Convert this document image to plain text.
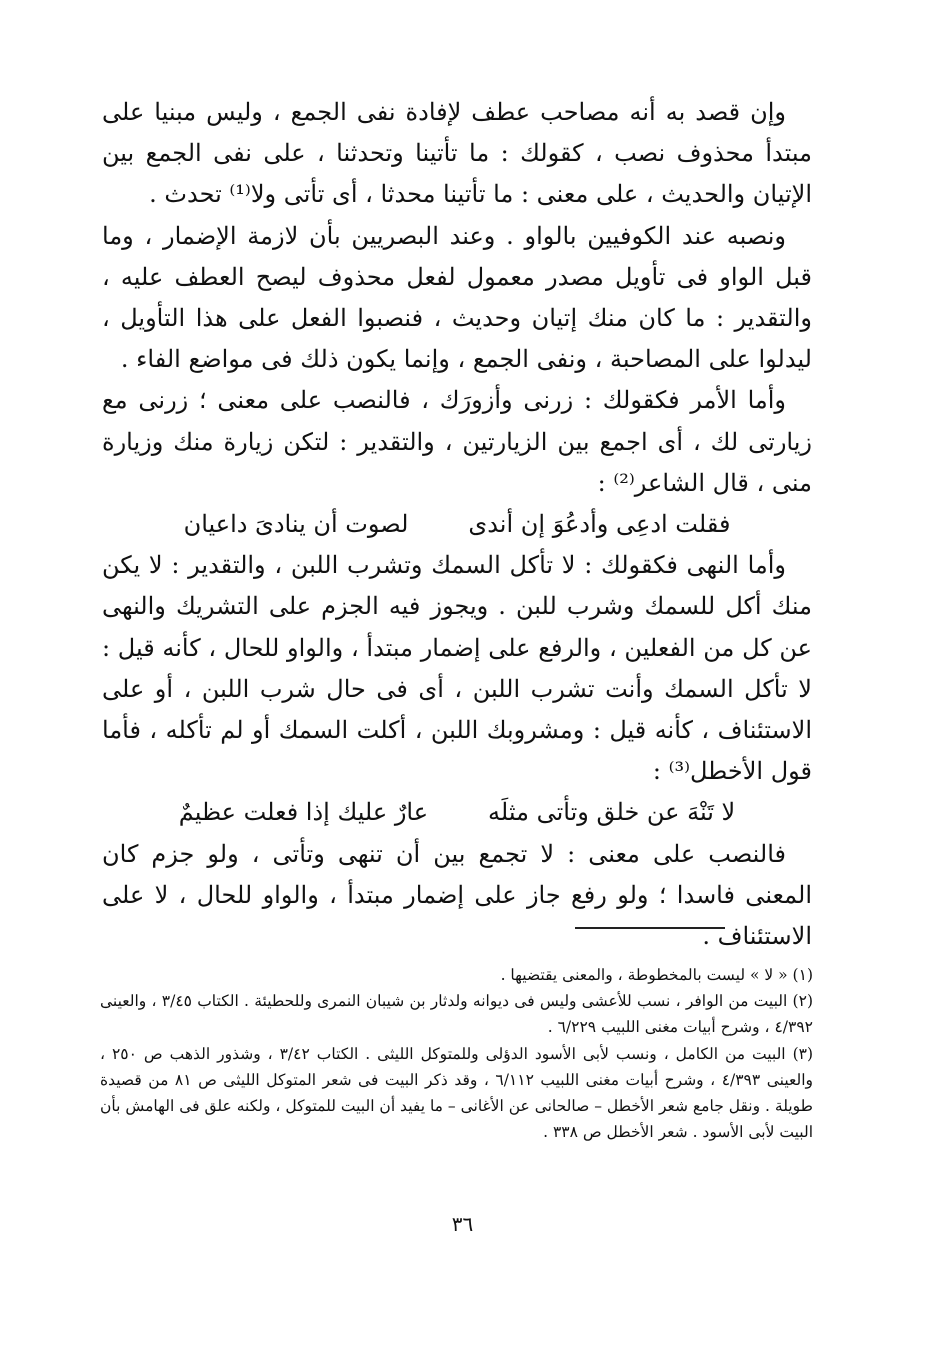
وإن قصد به أنه مصاحب عطف لإفادة نفى الجمع ، وليس مبنيا على مبتدأ محذوف نصب ، كقولك : ما تأتينا وتحدثنا ، على نفى الجمع بين الإتيان والحديث ، على معنى : ما تأتينا محدثا ، أى تأتى ولا⁽¹⁾ تحدث .

ونصبه عند الكوفيين بالواو . وعند البصريين بأن لازمة الإضمار ، وما قبل الواو فى تأويل مصدر معمول لفعل محذوف ليصح العطف عليه ، والتقدير : ما كان منك إتيان وحديث ، فنصبوا الفعل على هذا التأويل ، ليدلوا على المصاحبة ، ونفى الجمع ، وإنما يكون ذلك فى مواضع الفاء .

وأما الأمر فكقولك : زرنى وأزورَك ، فالنصب على معنى ؛ زرنى مع زيارتى لك ، أى اجمع بين الزيارتين ، والتقدير : لتكن زيارة منك وزيارة منى ، قال الشاعر⁽²⁾ :

فقلت ادعِى وأدعُوَ إن أندى
لصوت أن ينادىَ داعيان

وأما النهى فكقولك : لا تأكل السمك وتشرب اللبن ، والتقدير : لا يكن منك أكل للسمك وشرب للبن . ويجوز فيه الجزم على التشريك والنهى عن كل من الفعلين ، والرفع على إضمار مبتدأ ، والواو للحال ، كأنه قيل : لا تأكل السمك وأنت تشرب اللبن ، أى فى حال شرب اللبن ، أو على الاستئناف ، كأنه قيل : ومشروبك اللبن ، أكلت السمك أو لم تأكله ، فأما قول الأخطل⁽³⁾ :

لا تَنْهَ عن خلق وتأتى مثلَه
عارٌ عليك إذا فعلت عظيمٌ

فالنصب على معنى : لا تجمع بين أن تنهى وتأتى ، ولو جزم كان المعنى فاسدا ؛ ولو رفع جاز على إضمار مبتدأ ، والواو للحال ، لا على الاستئناف .

(١) « لا » ليست بالمخطوطة ، والمعنى يقتضيها .

(٢) البيت من الوافر ، نسب للأعشى وليس فى ديوانه ولدثار بن شيبان النمرى وللحطيئة . الكتاب ٣/٤٥ ، والعينى ٤/٣٩٢ ، وشرح أبيات مغنى اللبيب ٦/٢٢٩ .

(٣) البيت من الكامل ، ونسب لأبى الأسود الدؤلى وللمتوكل الليثى . الكتاب ٣/٤٢ ، وشذور الذهب ص ٢٥٠ ، والعينى ٤/٣٩٣ ، وشرح أبيات مغنى اللبيب ٦/١١٢ ، وقد ذكر البيت فى شعر المتوكل الليثى ص ٨١ من قصيدة طويلة . ونقل جامع شعر الأخطل – صالحانى عن الأغانى – ما يفيد أن البيت للمتوكل ، ولكنه علق فى الهامش بأن البيت لأبى الأسود . شعر الأخطل ص ٣٣٨ .

٣٦
